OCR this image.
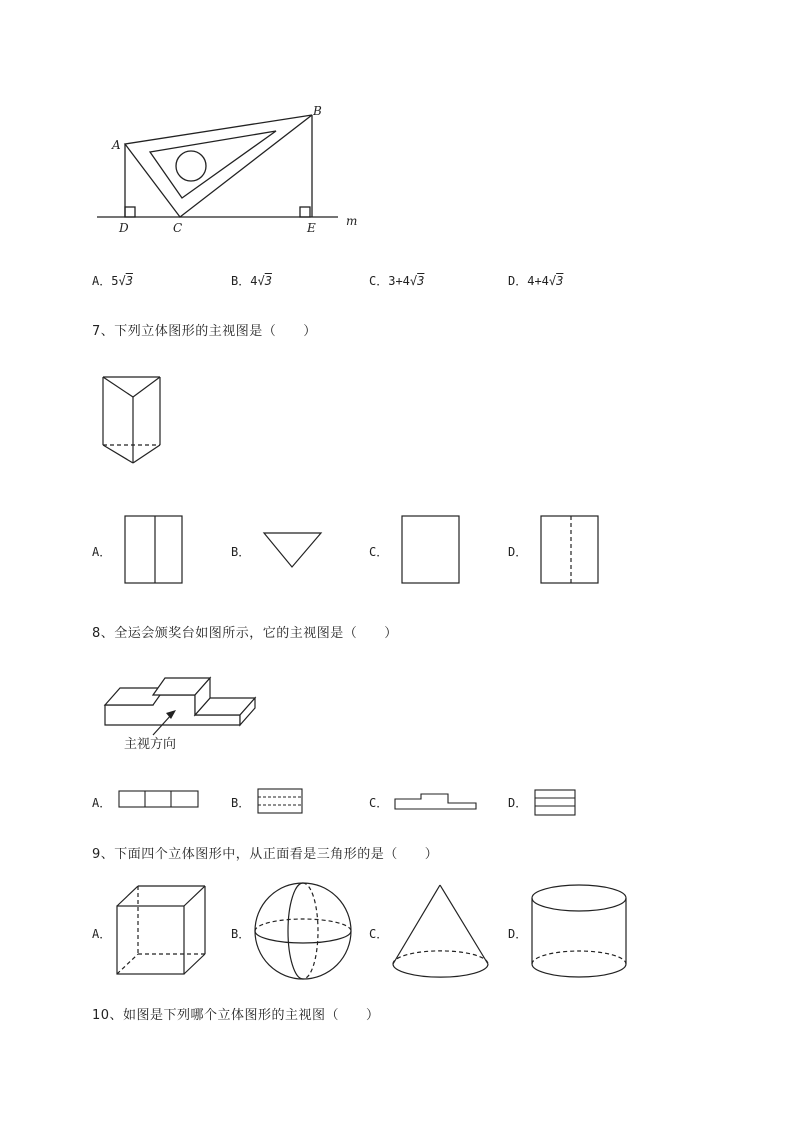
A
B
C
D	E	m
A．5√3	B．4√3	C．3+4√3	D．4+4√3
7、下列立体图形的主视图是（　　）
A．	B．	C．	D．
8、全运会颁奖台如图所示，它的主视图是（　　）
主视方向
A．	B．	C．	D．
9、下面四个立体图形中，从正面看是三角形的是（　　）
A．	B．	C．	D．
10、如图是下列哪个立体图形的主视图（　　）
